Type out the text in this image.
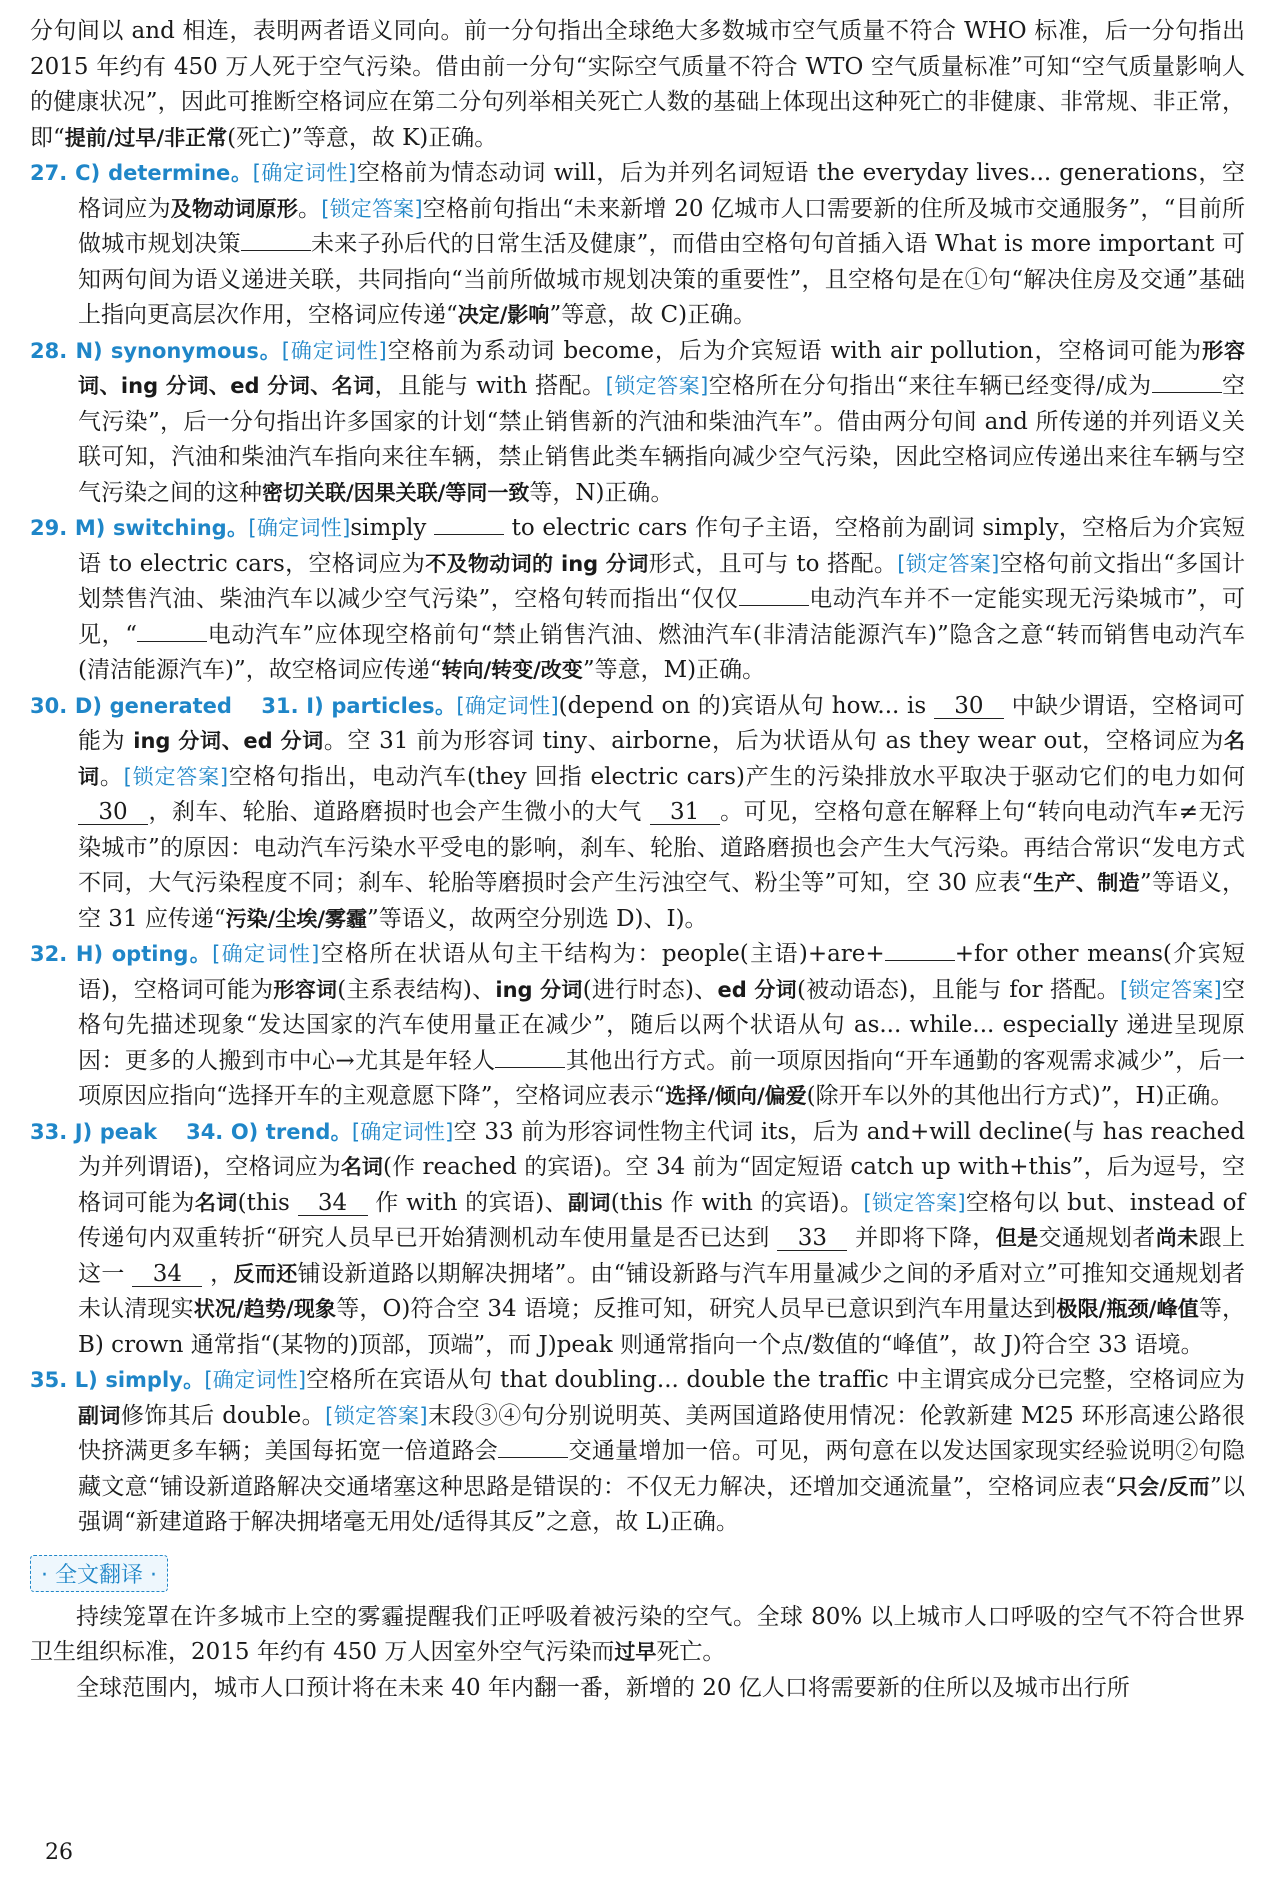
分句间以 and 相连，表明两者语义同向。前一分句指出全球绝大多数城市空气质量不符合 WHO 标准，后一分句指出 2015 年约有 450 万人死于空气污染。借由前一分句“实际空气质量不符合 WTO 空气质量标准”可知“空气质量影响人的健康状况”，因此可推断空格词应在第二分句列举相关死亡人数的基础上体现出这种死亡的非健康、非常规、非正常，即“提前/过早/非正常(死亡)”等意，故 K)正确。

27. C) determine。[确定词性]空格前为情态动词 will，后为并列名词短语 the everyday lives... generations，空格词应为及物动词原形。[锁定答案]空格前句指出“未来新增 20 亿城市人口需要新的住所及城市交通服务”，“目前所做城市规划决策	未来子孙后代的日常生活及健康”，而借由空格句句首插入语 What is more important 可知两句间为语义递进关联，共同指向“当前所做城市规划决策的重要性”，且空格句是在①句“解决住房及交通”基础上指向更高层次作用，空格词应传递“决定/影响”等意，故 C)正确。

28. N) synonymous。[确定词性]空格前为系动词 become，后为介宾短语 with air pollution，空格词可能为形容词、ing 分词、ed 分词、名词，且能与 with 搭配。[锁定答案]空格所在分句指出“来往车辆已经变得/成为	空气污染”，后一分句指出许多国家的计划“禁止销售新的汽油和柴油汽车”。借由两分句间 and 所传递的并列语义关联可知，汽油和柴油汽车指向来往车辆，禁止销售此类车辆指向减少空气污染，因此空格词应传递出来往车辆与空气污染之间的这种密切关联/因果关联/等同一致等，N)正确。

29. M) switching。[确定词性]simply	to electric cars 作句子主语，空格前为副词 simply，空格后为介宾短语 to electric cars，空格词应为不及物动词的 ing 分词形式，且可与 to 搭配。[锁定答案]空格句前文指出“多国计划禁售汽油、柴油汽车以减少空气污染”，空格句转而指出“仅仅	电动汽车并不一定能实现无污染城市”，可见，“	电动汽车”应体现空格前句“禁止销售汽油、燃油汽车(非清洁能源汽车)”隐含之意“转而销售电动汽车(清洁能源汽车)”，故空格词应传递“转向/转变/改变”等意，M)正确。

30. D) generated　 31. I) particles。[确定词性](depend on 的)宾语从句 how... is 30 中缺少谓语，空格词可能为 ing 分词、ed 分词。空 31 前为形容词 tiny、airborne，后为状语从句 as they wear out，空格词应为名词。[锁定答案]空格句指出，电动汽车(they 回指 electric cars)产生的污染排放水平取决于驱动它们的电力如何 30 ，刹车、轮胎、道路磨损时也会产生微小的大气 31 。可见，空格句意在解释上句“转向电动汽车≠无污染城市”的原因：电动汽车污染水平受电的影响，刹车、轮胎、道路磨损也会产生大气污染。再结合常识“发电方式不同，大气污染程度不同；刹车、轮胎等磨损时会产生污浊空气、粉尘等”可知，空 30 应表“生产、制造”等语义，空 31 应传递“污染/尘埃/雾霾”等语义，故两空分别选 D)、I)。

32. H) opting。[确定词性]空格所在状语从句主干结构为：people(主语)+are+	+for other means(介宾短语)，空格词可能为形容词(主系表结构)、ing 分词(进行时态)、ed 分词(被动语态)，且能与 for 搭配。[锁定答案]空格句先描述现象“发达国家的汽车使用量正在减少”，随后以两个状语从句 as... while... especially 递进呈现原因：更多的人搬到市中心→尤其是年轻人	其他出行方式。前一项原因指向“开车通勤的客观需求减少”，后一项原因应指向“选择开车的主观意愿下降”，空格词应表示“选择/倾向/偏爱(除开车以外的其他出行方式)”，H)正确。

33. J) peak　 34. O) trend。[确定词性]空 33 前为形容词性物主代词 its，后为 and+will decline(与 has reached 为并列谓语)，空格词应为名词(作 reached 的宾语)。空 34 前为“固定短语 catch up with+this”，后为逗号，空格词可能为名词(this 34 作 with 的宾语)、副词(this 作 with 的宾语)。[锁定答案]空格句以 but、instead of 传递句内双重转折“研究人员早已开始猜测机动车使用量是否已达到 33 并即将下降，但是交通规划者尚未跟上这一 34 ，反而还铺设新道路以期解决拥堵”。由“铺设新路与汽车用量减少之间的矛盾对立”可推知交通规划者未认清现实状况/趋势/现象等，O)符合空 34 语境；反推可知，研究人员早已意识到汽车用量达到极限/瓶颈/峰值等，B) crown 通常指“(某物的)顶部，顶端”，而 J)peak 则通常指向一个点/数值的“峰值”，故 J)符合空 33 语境。

35. L) simply。[确定词性]空格所在宾语从句 that doubling... double the traffic 中主谓宾成分已完整，空格词应为副词修饰其后 double。[锁定答案]末段③④句分别说明英、美两国道路使用情况：伦敦新建 M25 环形高速公路很快挤满更多车辆；美国每拓宽一倍道路会	交通量增加一倍。可见，两句意在以发达国家现实经验说明②句隐藏文意“铺设新道路解决交通堵塞这种思路是错误的：不仅无力解决，还增加交通流量”，空格词应表“只会/反而”以强调“新建道路于解决拥堵毫无用处/适得其反”之意，故 L)正确。

· 全文翻译 ·

持续笼罩在许多城市上空的雾霾提醒我们正呼吸着被污染的空气。全球 80% 以上城市人口呼吸的空气不符合世界卫生组织标准，2015 年约有 450 万人因室外空气污染而过早死亡。

全球范围内，城市人口预计将在未来 40 年内翻一番，新增的 20 亿人口将需要新的住所以及城市出行所

26
